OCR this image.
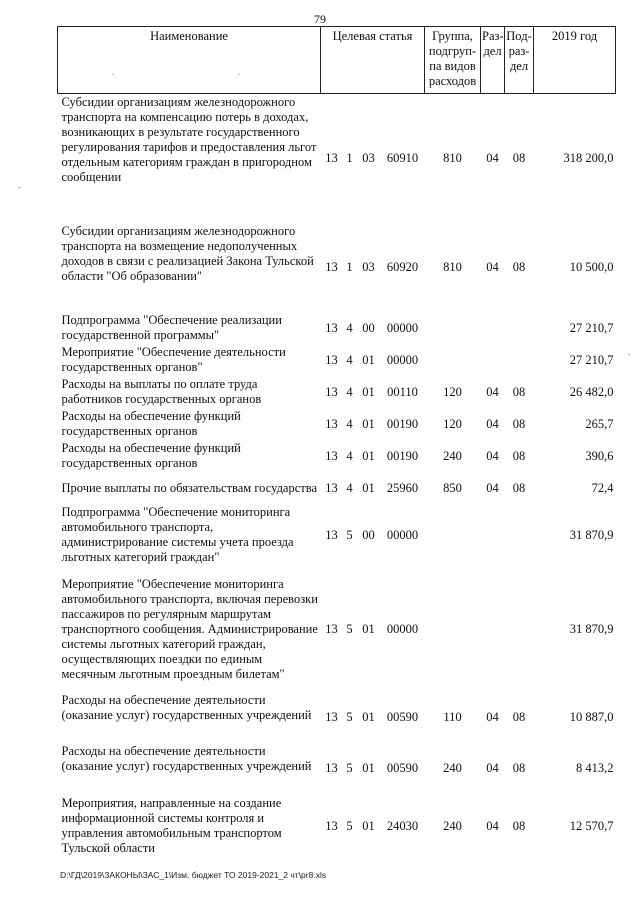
79
Наименование	Целевая статья				Группа, подгруп-па видов расходов	Раз-дел	Под-раз-дел	2019 год
Субсидии организациям железнодорожного транспорта на компенсацию потерь в доходах, возникающих в результате государственного регулирования тарифов и предоставления льгот отдельным категориям граждан в пригородном сообщении	13	1	03	60910	810	04	08	318 200,0
Субсидии организациям железнодорожного транспорта на возмещение недополученных доходов в связи с реализацией Закона Тульской области "Об образовании"	13	1	03	60920	810	04	08	10 500,0
Подпрограмма "Обеспечение реализации государственной программы"	13	4	00	00000				27 210,7
Мероприятие "Обеспечение деятельности государственных органов"	13	4	01	00000				27 210,7
Расходы на выплаты по оплате труда работников государственных органов	13	4	01	00110	120	04	08	26 482,0
Расходы на обеспечение функций государственных органов	13	4	01	00190	120	04	08	265,7
Расходы на обеспечение функций государственных органов	13	4	01	00190	240	04	08	390,6
Прочие выплаты по обязательствам государства	13	4	01	25960	850	04	08	72,4
Подпрограмма "Обеспечение мониторинга автомобильного транспорта, администрирование системы учета проезда льготных категорий граждан"	13	5	00	00000				31 870,9
Мероприятие "Обеспечение мониторинга автомобильного транспорта, включая перевозки пассажиров по регулярным маршрутам транспортного сообщения. Администрирование системы льготных категорий граждан, осуществляющих поездки по единым месячным льготным проездным билетам"	13	5	01	00000				31 870,9
Расходы на обеспечение деятельности (оказание услуг) государственных учреждений	13	5	01	00590	110	04	08	10 887,0
Расходы на обеспечение деятельности (оказание услуг) государственных учреждений	13	5	01	00590	240	04	08	8 413,2
Мероприятия, направленные на создание информационной системы контроля и управления автомобильным транспортом Тульской области	13	5	01	24030	240	04	08	12 570,7
.	.
-
-
D:\ГД\2019\ЗАКОНЫ\ЗАС_1\Изм. бюджет ТО 2019-2021_2 чт\pr8.xls
